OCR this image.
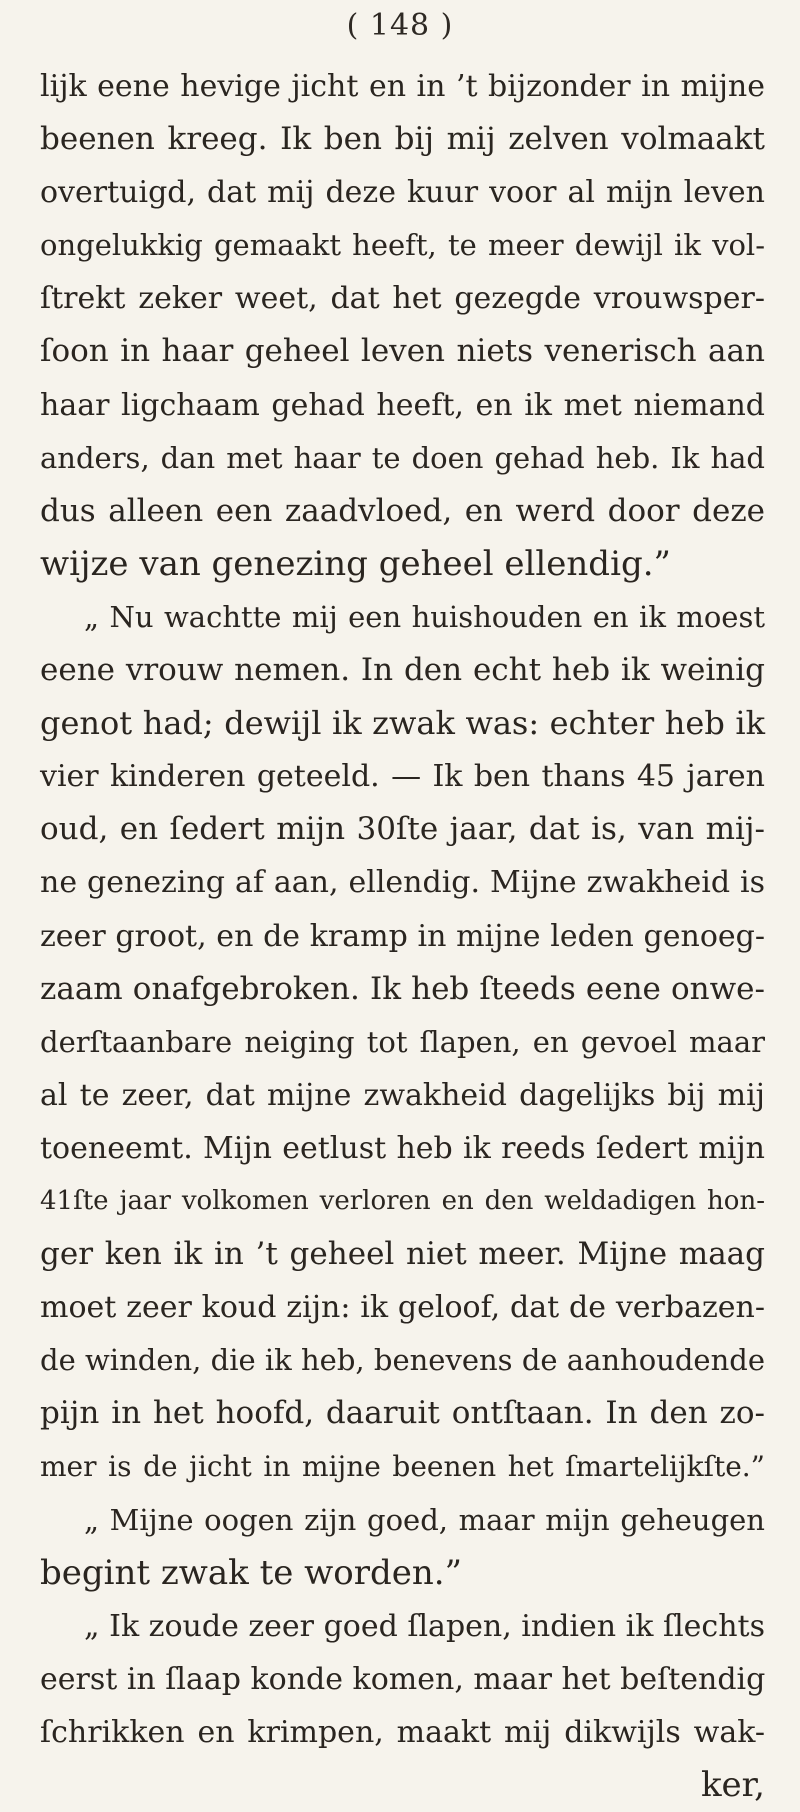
( 148 )
lijk eene hevige jicht en in ’t bijzonder in mijne
beenen kreeg. Ik ben bij mij zelven volmaakt
overtuigd, dat mij deze kuur voor al mijn leven
ongelukkig gemaakt heeft, te meer dewijl ik vol-
ſtrekt zeker weet, dat het gezegde vrouwsper-
ſoon in haar geheel leven niets venerisch aan
haar ligchaam gehad heeft, en ik met niemand
anders, dan met haar te doen gehad heb. Ik had
dus alleen een zaadvloed, en werd door deze
wijze van genezing geheel ellendig.”
„ Nu wachtte mij een huishouden en ik moest
eene vrouw nemen. In den echt heb ik weinig
genot had; dewijl ik zwak was: echter heb ik
vier kinderen geteeld. — Ik ben thans 45 jaren
oud, en ſedert mijn 30ſte jaar, dat is, van mij-
ne genezing af aan, ellendig. Mijne zwakheid is
zeer groot, en de kramp in mijne leden genoeg-
zaam onafgebroken. Ik heb ſteeds eene onwe-
derſtaanbare neiging tot ſlapen, en gevoel maar
al te zeer, dat mijne zwakheid dagelijks bij mij
toeneemt. Mijn eetlust heb ik reeds ſedert mijn
41ſte jaar volkomen verloren en den weldadigen hon-
ger ken ik in ’t geheel niet meer. Mijne maag
moet zeer koud zijn: ik geloof, dat de verbazen-
de winden, die ik heb, benevens de aanhoudende
pijn in het hoofd, daaruit ontſtaan. In den zo-
mer is de jicht in mijne beenen het ſmartelijkſte.”
„ Mijne oogen zijn goed, maar mijn geheugen
begint zwak te worden.”
„ Ik zoude zeer goed ſlapen, indien ik ſlechts
eerst in ſlaap konde komen, maar het beſtendig
ſchrikken en krimpen, maakt mij dikwijls wak-
ker,
